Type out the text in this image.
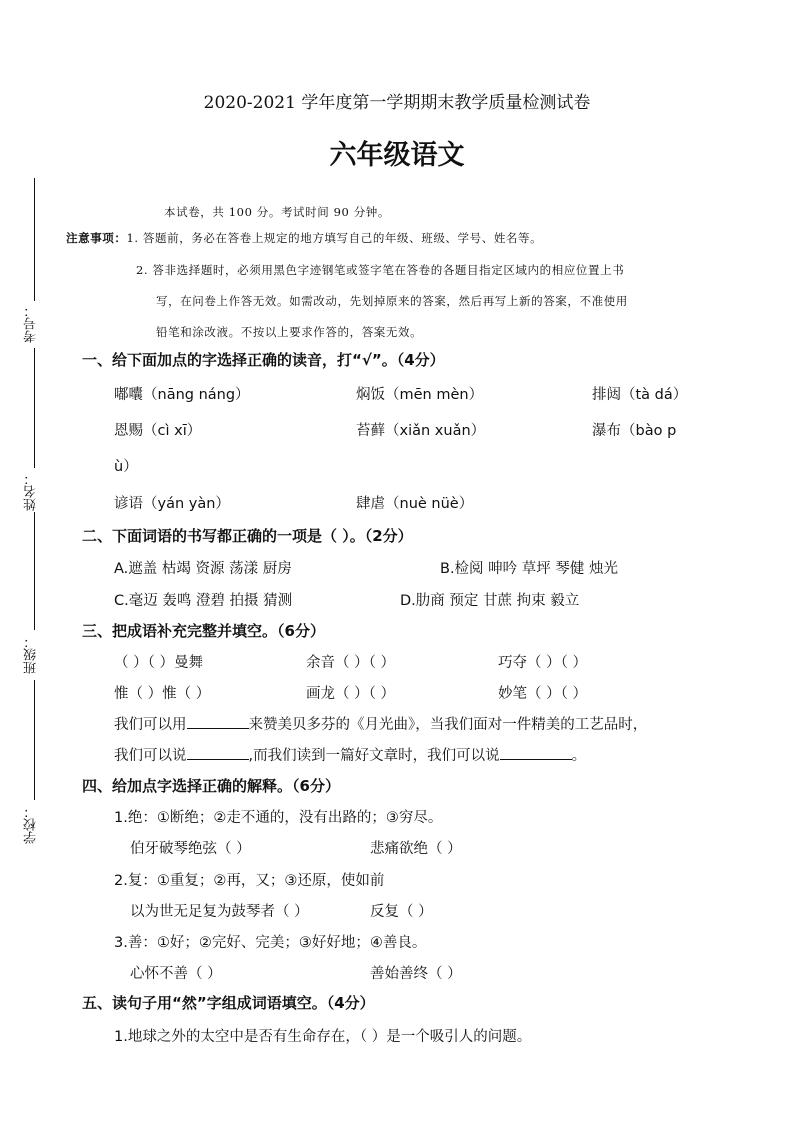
考号：
姓名：
班级：
学校：
2020-2021 学年度第一学期期末教学质量检测试卷
六年级语文
本试卷，共 100 分。考试时间 90 分钟。
注意事项：1. 答题前，务必在答卷上规定的地方填写自己的年级、班级、学号、姓名等。
2. 答非选择题时，必须用黑色字迹钢笔或签字笔在答卷的各题目指定区域内的相应位置上书
写，在问卷上作答无效。如需改动，先划掉原来的答案，然后再写上新的答案，不准使用
铅笔和涂改液。不按以上要求作答的，答案无效。
一、给下面加点的字选择正确的读音，打“√”。（4分）
嘟囔（nāng náng）	焖饭（mēn mèn）	排闼（tà dá）
恩赐（cì xī）	苔藓（xiǎn xuǎn）	瀑布（bào p
ù）
谚语（yán yàn）	肆虐（nuè nüè）
二、下面词语的书写都正确的一项是（ ）。（2分）
A.遮盖 枯竭 资源 荡漾 厨房	B.检阅 呻吟 草坪 琴健 烛光
C.毫迈 轰鸣 澄碧 拍摄 猜测	D.肋商 预定 甘蔗 拘束 毅立
三、把成语补充完整并填空。（6分）
（ ）（ ）曼舞	余音（ ）（ ）	巧夺（ ）（ ）
惟（ ）惟（ ）	画龙（ ）（ ）	妙笔（ ）（ ）
我们可以用	来赞美贝多芬的《月光曲》，当我们面对一件精美的工艺品时，
我们可以说	,而我们读到一篇好文章时，我们可以说	。
四、给加点字选择正确的解释。（6分）
1.绝：①断绝；②走不通的，没有出路的；③穷尽。
伯牙破琴绝弦（ ）	悲痛欲绝（ ）
2.复：①重复；②再，又；③还原，使如前
以为世无足复为鼓琴者（ ）	反复（ ）
3.善：①好；②完好、完美；③好好地；④善良。
心怀不善（ ）	善始善终（ ）
五、读句子用“然”字组成词语填空。（4分）
1.地球之外的太空中是否有生命存在，（ ）是一个吸引人的问题。
